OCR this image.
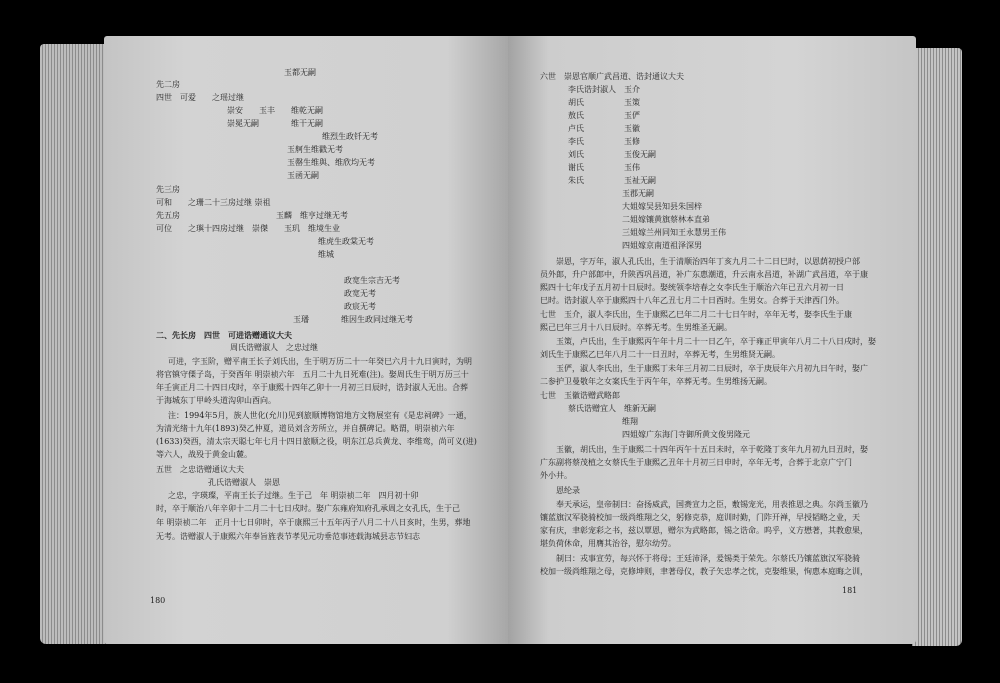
玉都无嗣
先二房
四世　可爱　　之瑶过继
崇安　　玉丰　　维乾无嗣
崇冕无嗣　　　　维干无嗣
维烈生政钎无考
玉舸生维戳无考
玉罄生维與、维欣均无考
玉函无嗣
先三房
可和　　之珊二十三房过继 崇祖
先五房　　　　　　　　　　　　玉麟　维亨过继无考
可位　　之璵十四房过继　崇傑　　玉玑　维境生业
维虎生政棠无考
维城
政宽生宗吉无考
政宽无考
政宸无考
玉璠　　　　维因生政同过继无考
二、先长房　四世　可进诰赠通议大夫
周氏诰赠淑人　之忠过继
可进，字玉阶，赠平南王长子刘氏出，生于明万历二十一年癸巳六月十九日寅时，为明
将官镇守傈子岛，于癸酉年 明崇祯六年　五月二十九日死难(注)。娶周氏生于明万历三十
年壬寅正月二十四日戌时，卒于康熙十四年乙卯十一月初三日辰时，诰封淑人无出。合葬
于海城东丁甲岭头道沟卯山酉向。
注：1994年5月，族人世化(允川)见到旅顺博物馆地方文物展室有《是忠祠碑》一通，
为清光绪十九年(1893)癸乙仲夏，道员刘含芳所立，并自撰碑记。略谓，明崇祯六年
(1633)癸酉，清太宗天聪七年七月十四日旅顺之役，明东江总兵黄龙、李维鸾，尚可义(进)
等六人，战殁于黄金山麓。
五世　之忠诰赠通议大夫
孔氏诰赠淑人　崇恩
之忠，字瑛璨，平南王长子过继。生于己　年 明崇祯二年　四月初十卯
时，卒于顺治八年辛卯十二月二十七日戌时。娶广东雍府知府孔承周之女孔氏，生于己
年 明崇祯二年　正月十七日卯时，卒于康熙三十五年丙子八月二十八日亥时，生男，葬地
无考。诰赠淑人于康熙六年奉旨旌表节孝见元功垂范事迹载海城县志节妇志
六世　崇恩官顺广武昌道、诰封通议大夫
李氏诰封淑人　玉介
胡氏　　　　　玉策
敖氏　　　　　玉俨
卢氏　　　　　玉徽
李氏　　　　　玉修
刘氏　　　　　玉俊无嗣
谢氏　　　　　玉伟
朱氏　　　　　玉祉无嗣
玉郡无嗣
大姐嫁吴县知县朱国梓
二姐嫁镶黄旗蔡林本直弟
三姐嫁兰州同知王永慧男王伟
四姐嫁京南道祖泽深男
崇恩，字万年，淑人孔氏出，生于清顺治四年丁亥九月二十二日巳时，以恩荫初授户部
员外郎，升户部郎中，升陕西巩昌道，补广东惠潮道，升云南永昌道，补湖广武昌道，卒于康
熙四十七年戊子五月初十日辰时。娶统领李培春之女李氏生于顺治六年已丑六月初一日
巳时。诰封淑人卒于康熙四十八年乙丑七月二十日酉时。生男女。合葬于天津西门外。
七世　玉介，淑人李氏出，生于康熙乙巳年二月二十七日午时，卒年无考，娶李氏生于康
熙己巳年三月十八日辰时。卒葬无考。生男维圣无嗣。
玉策，卢氏出，生于康熙丙午年十月二十一日乙午，卒于雍正甲寅年八月二十八日戌时，娶
刘氏生于康熙乙巳年八月二十一日丑时，卒葬无考，生男维贤无嗣。
玉俨，淑人李氏出，生于康熙丁未年三月初二日辰时，卒于庚辰年六月初九日午时，娶广
二参护卫曼敬年之女案氏生于丙午年，卒葬无考。生男维扬无嗣。
七世　玉徽诰赠武略郎
蔡氏诰赠宜人　维新无嗣
维翔
四姐嫁广东海门寺御所黄文俊男隆元
玉徽，胡氏出，生于康熙二十四年丙午十五日未时，卒于乾隆丁亥年九月初九日丑时，娶
广东副将蔡茂植之女蔡氏生于康熙乙丑年十月初三日申时，卒年无考，合葬于北京广宁门
外小井。
恩纶录
奉天承运，皇帝制曰：奋扬威武，国赉宣力之臣，敷锡宠光，用表推恩之典。尔尚玉徽乃
镶蓝旗汉军骁骑校加一级尚维翔之父，躬修克恭，庭训时勤，门阼开禅，早授韬略之业，天
家有庆，聿彰宠彩之书，兹以覃恩，赠尔为武略郎，锡之诰命。呜乎，义方懋著，其教愈果，
堪负荷休命，用膺其治谷，慰尔幼劳。
制曰：戎事宣劳，每兴怀于将母；王廷沛泽，爰锡类于荣先。尔蔡氏乃镶蓝旗汉军骁骑
校加一级尚维翔之母，克修坤则，聿著母仪，教子矢忠孝之忱，克娶维果，恂惠本庭晦之训，
180
181
